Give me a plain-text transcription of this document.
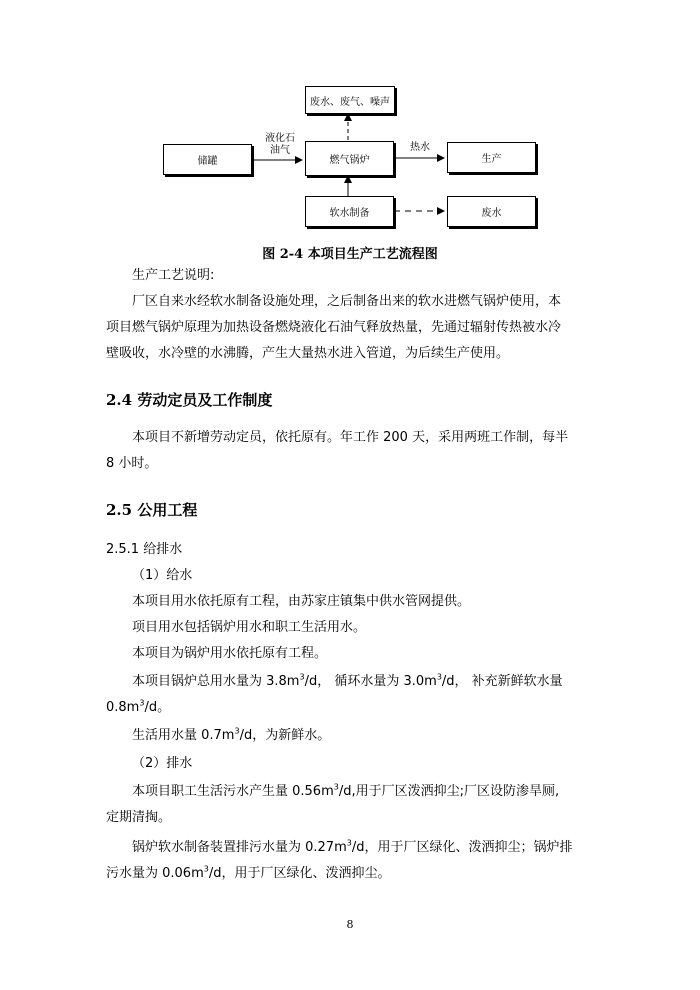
废水、废气、噪声
储罐	燃气锅炉	生产
软水制备	废水
液化石
油气	热水
图 2-4 本项目生产工艺流程图
生产工艺说明:
厂区自来水经软水制备设施处理，之后制备出来的软水进燃气锅炉使用，本
项目燃气锅炉原理为加热设备燃烧液化石油气释放热量，先通过辐射传热被水冷
壁吸收，水冷壁的水沸腾，产生大量热水进入管道，为后续生产使用。
2.4 劳动定员及工作制度
本项目不新增劳动定员，依托原有。年工作 200 天，采用两班工作制，每半
8 小时。
2.5 公用工程
2.5.1 给排水
（1）给水
本项目用水依托原有工程，由苏家庄镇集中供水管网提供。
项目用水包括锅炉用水和职工生活用水。
本项目为锅炉用水依托原有工程。
本项目锅炉总用水量为 $3.8m^3/d$， 循环水量为 $3.0m^3/d$， 补充新鲜软水量
$0.8m^3/d$。
生活用水量 $0.7m^3/d$，为新鲜水。
（2）排水
本项目职工生活污水产生量 $0.56m^3/d$,用于厂区泼洒抑尘;厂区设防渗旱厕,
定期清掏。
锅炉软水制备装置排污水量为 $0.27m^3/d$，用于厂区绿化、泼洒抑尘；锅炉排
污水量为 $0.06m^3/d$，用于厂区绿化、泼洒抑尘。
8
